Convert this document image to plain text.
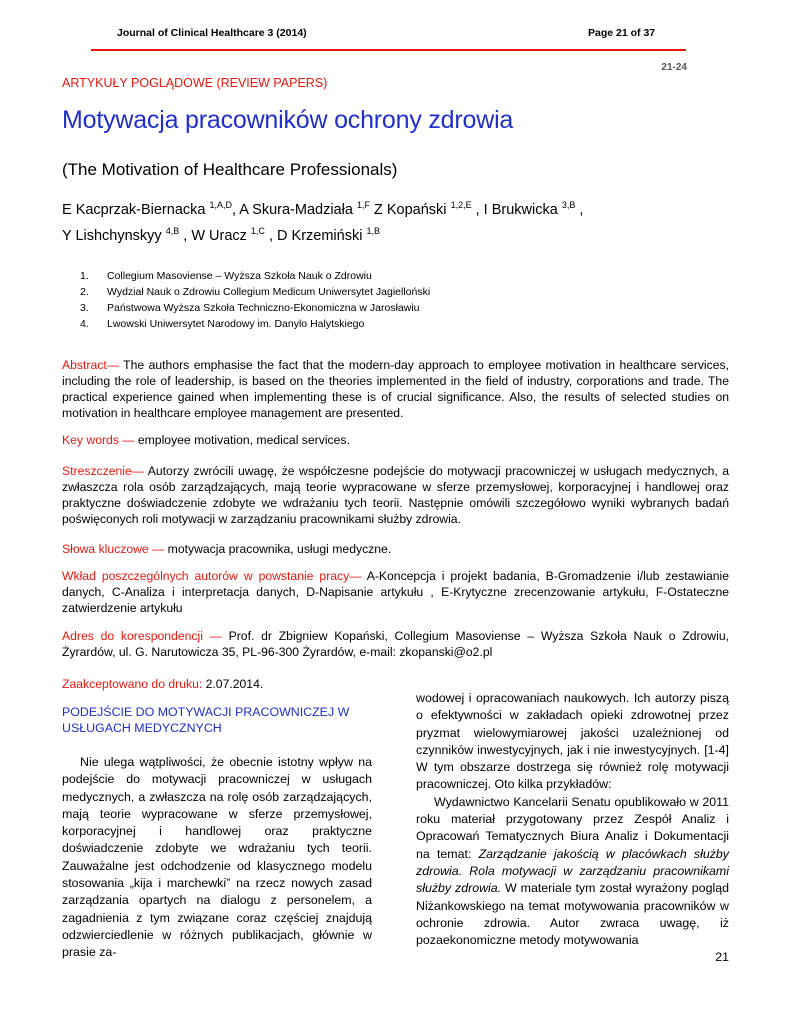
Journal of Clinical Healthcare 3 (2014)	Page 21 of 37
21-24
ARTYKUŁY POGLĄDOWE (REVIEW PAPERS)
Motywacja pracowników ochrony zdrowia
(The Motivation of Healthcare Professionals)
E Kacprzak-Biernacka $^{1,A,D}$, A Skura-Madziała $^{1,F}$ Z Kopański $^{1,2,E}$ , I Brukwicka $^{3,B}$ ,
Y Lishchynskyy $^{4,B}$ , W Uracz $^{1,C}$ , D Krzemiński $^{1,B}$
1. Collegium Masoviense – Wyższa Szkoła Nauk o Zdrowiu
2. Wydział Nauk o Zdrowiu Collegium Medicum Uniwersytet Jagielloński
3. Państwowa Wyższa Szkoła Techniczno-Ekonomiczna w Jarosławiu
4. Lwowski Uniwersytet Narodowy im. Danylo Halytskiego
Abstract— The authors emphasise the fact that the modern-day approach to employee motivation in healthcare services, including the role of leadership, is based on the theories implemented in the field of industry, corporations and trade. The practical experience gained when implementing these is of crucial significance. Also, the results of selected studies on motivation in healthcare employee management are presented.
Key words — employee motivation, medical services.
Streszczenie— Autorzy zwrócili uwagę, że współczesne podejście do motywacji pracowniczej w usługach medycznych, a zwłaszcza rola osób zarządzających, mają teorie wypracowane w sferze przemysłowej, korporacyjnej i handlowej oraz praktyczne doświadczenie zdobyte we wdrażaniu tych teorii. Następnie omówili szczegółowo wyniki wybranych badań poświęconych roli motywacji w zarządzaniu pracownikami służby zdrowia.
Słowa kluczowe — motywacja pracownika, usługi medyczne.
Wkład poszczególnych autorów w powstanie pracy— A-Koncepcja i projekt badania, B-Gromadzenie i/lub zestawianie danych, C-Analiza i interpretacja danych, D-Napisanie artykułu , E-Krytyczne zrecenzowanie artykułu, F-Ostateczne zatwierdzenie artykułu
Adres do korespondencji — Prof. dr Zbigniew Kopański, Collegium Masoviense – Wyższa Szkoła Nauk o Zdrowiu, Żyrardów, ul. G. Narutowicza 35, PL-96-300 Żyrardów, e-mail: zkopanski@o2.pl
Zaakceptowano do druku: 2.07.2014.
PODEJŚCIE DO MOTYWACJI PRACOWNICZEJ W USŁUGACH MEDYCZNYCH
Nie ulega wątpliwości, że obecnie istotny wpływ na podejście do motywacji pracowniczej w usługach medycznych, a zwłaszcza na rolę osób zarządzających, mają teorie wypracowane w sferze przemysłowej, korporacyjnej i handlowej oraz praktyczne doświadczenie zdobyte we wdrażaniu tych teorii. Zauważalne jest odchodzenie od klasycznego modelu stosowania „kija i marchewki” na rzecz nowych zasad zarządzania opartych na dialogu z personelem, a zagadnienia z tym związane coraz częściej znajdują odzwierciedlenie w różnych publikacjach, głównie w prasie za-
wodowej i opracowaniach naukowych. Ich autorzy piszą o efektywności w zakładach opieki zdrowotnej przez pryzmat wielowymiarowej jakości uzależnionej od czynników inwestycyjnych, jak i nie inwestycyjnych. [1-4] W tym obszarze dostrzega się również rolę motywacji pracowniczej. Oto kilka przykładów:
Wydawnictwo Kancelarii Senatu opublikowało w 2011 roku materiał przygotowany przez Zespół Analiz i Opracowań Tematycznych Biura Analiz i Dokumentacji na temat: Zarządzanie jakością w placówkach służby zdrowia. Rola motywacji w zarządzaniu pracownikami służby zdrowia. W materiale tym został wyrażony pogląd Niżankowskiego na temat motywowania pracowników w ochronie zdrowia. Autor zwraca uwagę, iż pozaekonomiczne metody motywowania
21
